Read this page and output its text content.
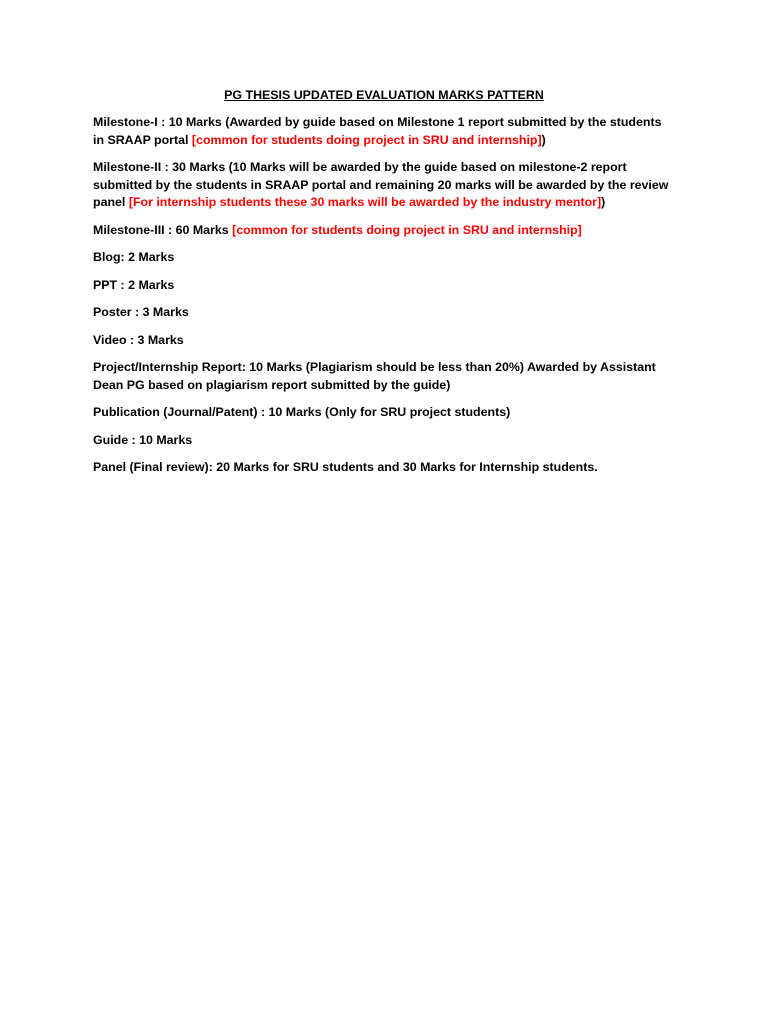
PG THESIS UPDATED EVALUATION MARKS PATTERN
Milestone-I : 10 Marks (Awarded by guide based on Milestone 1 report submitted by the students in SRAAP portal [common for students doing project in SRU and internship])
Milestone-II : 30 Marks (10 Marks will be awarded by the guide based on milestone-2 report submitted by the students in SRAAP portal and remaining 20 marks will be awarded by the review panel [For internship students these 30 marks will be awarded by the industry mentor])
Milestone-III : 60 Marks [common for students doing project in SRU and internship]
Blog: 2 Marks
PPT : 2 Marks
Poster : 3 Marks
Video : 3 Marks
Project/Internship Report: 10 Marks (Plagiarism should be less than 20%) Awarded by Assistant Dean PG based on plagiarism report submitted by the guide)
Publication (Journal/Patent) : 10 Marks (Only for SRU project students)
Guide : 10 Marks
Panel (Final review): 20 Marks for SRU students and 30 Marks for Internship students.
